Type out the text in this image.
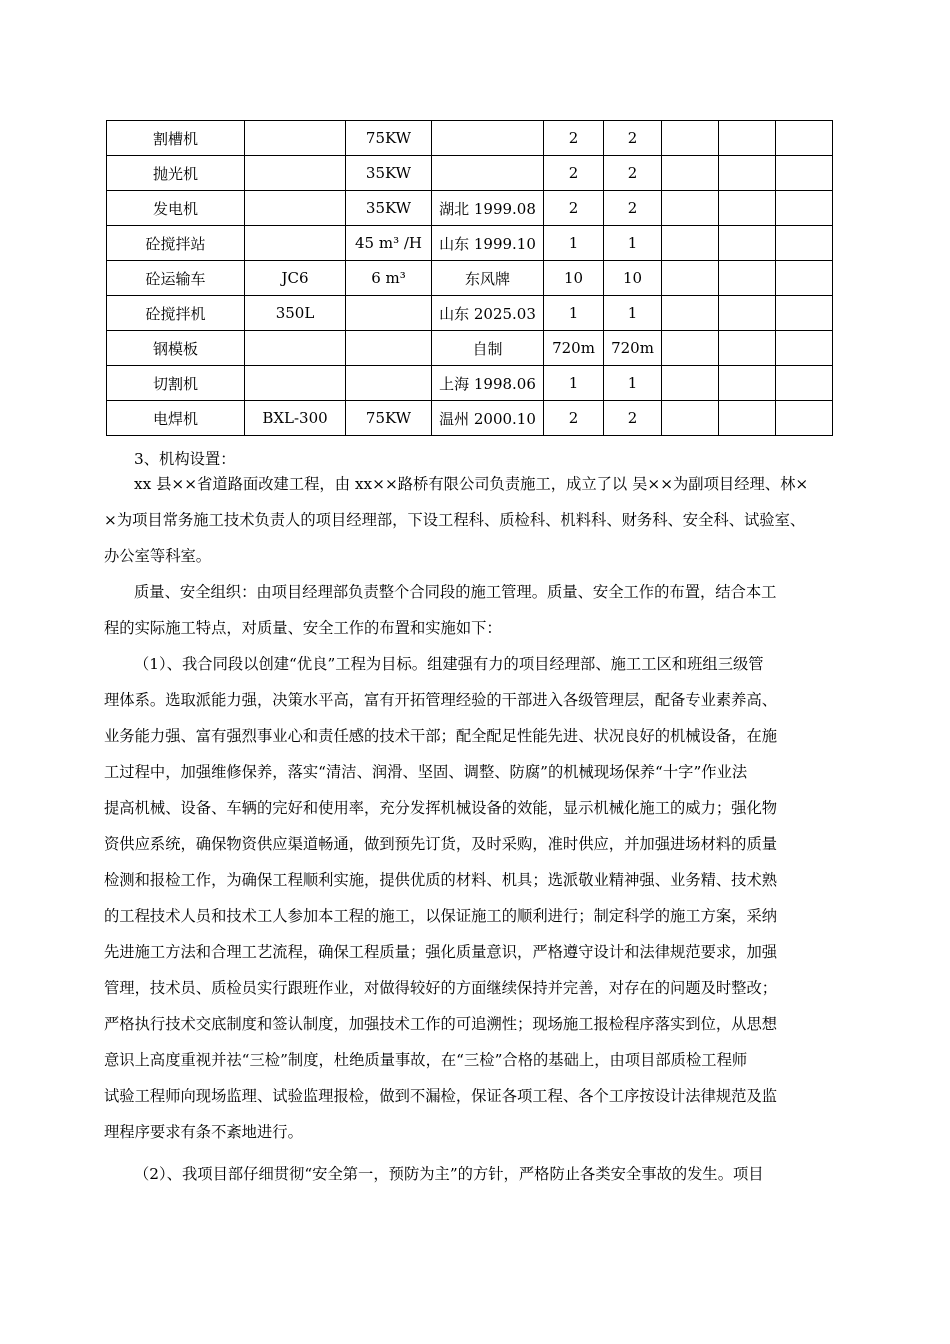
割槽机		75KW		2	2			
抛光机		35KW		2	2			
发电机		35KW	湖北 1999.08	2	2			
砼搅拌站		45 m³ /H	山东 1999.10	1	1			
砼运输车	JC6	6 m³	东风牌	10	10			
砼搅拌机	350L		山东 2025.03	1	1			
钢模板			自制	720m	720m			
切割机			上海 1998.06	1	1			
电焊机	BXL-300	75KW	温州 2000.10	2	2			
3、机构设置：
xx 县××省道路面改建工程，由 xx××路桥有限公司负责施工，成立了以 吴××为副项目经理、林×
×为项目常务施工技术负责人的项目经理部，下设工程科、质检科、机料科、财务科、安全科、试验室、
办公室等科室。
质量、安全组织：由项目经理部负责整个合同段的施工管理。质量、安全工作的布置，结合本工
程的实际施工特点，对质量、安全工作的布置和实施如下：
（1）、我合同段以创建“优良”工程为目标。组建强有力的项目经理部、施工工区和班组三级管
理体系。选取派能力强，决策水平高，富有开拓管理经验的干部进入各级管理层，配备专业素养高、
业务能力强、富有强烈事业心和责任感的技术干部；配全配足性能先进、状况良好的机械设备，在施
工过程中，加强维修保养，落实“清洁、润滑、坚固、调整、防腐”的机械现场保养“十字”作业法
提高机械、设备、车辆的完好和使用率，充分发挥机械设备的效能，显示机械化施工的威力；强化物
资供应系统，确保物资供应渠道畅通，做到预先订货，及时采购，准时供应，并加强进场材料的质量
检测和报检工作，为确保工程顺利实施，提供优质的材料、机具；选派敬业精神强、业务精、技术熟
的工程技术人员和技术工人参加本工程的施工，以保证施工的顺利进行；制定科学的施工方案，采纳
先进施工方法和合理工艺流程，确保工程质量；强化质量意识，严格遵守设计和法律规范要求，加强
管理，技术员、质检员实行跟班作业，对做得较好的方面继续保持并完善，对存在的问题及时整改；
严格执行技术交底制度和签认制度，加强技术工作的可追溯性；现场施工报检程序落实到位，从思想
意识上高度重视并祛“三检”制度，杜绝质量事故，在“三检”合格的基础上，由项目部质检工程师
试验工程师向现场监理、试验监理报检，做到不漏检，保证各项工程、各个工序按设计法律规范及监
理程序要求有条不紊地进行。
（2）、我项目部仔细贯彻“安全第一，预防为主”的方针，严格防止各类安全事故的发生。项目
